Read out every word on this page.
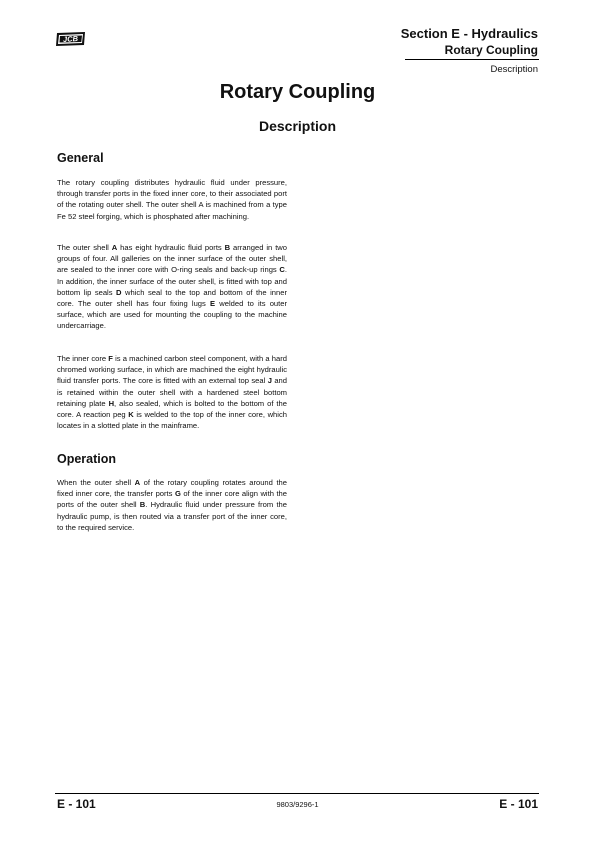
JCB	Section E - Hydraulics
Rotary Coupling
Description
Rotary Coupling
Description
General

The rotary coupling distributes hydraulic fluid under pressure, through transfer ports in the fixed inner core, to their associated port of the rotating outer shell. The outer shell A is machined from a type Fe 52 steel forging, which is phosphated after machining.

The outer shell A has eight hydraulic fluid ports B arranged in two groups of four. All galleries on the inner surface of the outer shell, are sealed to the inner core with O-ring seals and back-up rings C. In addition, the inner surface of the outer shell, is fitted with top and bottom lip seals D which seal to the top and bottom of the inner core. The outer shell has four fixing lugs E welded to its outer surface, which are used for mounting the coupling to the machine undercarriage.

The inner core F is a machined carbon steel component, with a hard chromed working surface, in which are machined the eight hydraulic fluid transfer ports. The core is fitted with an external top seal J and is retained within the outer shell with a hardened steel bottom retaining plate H, also sealed, which is bolted to the bottom of the core. A reaction peg K is welded to the top of the inner core, which locates in a slotted plate in the mainframe.

Operation

When the outer shell A of the rotary coupling rotates around the fixed inner core, the transfer ports G of the inner core align with the ports of the outer shell B. Hydraulic fluid under pressure from the hydraulic pump, is then routed via a transfer port of the inner core, to the required service.

E - 101	9803/9296-1	E - 101
